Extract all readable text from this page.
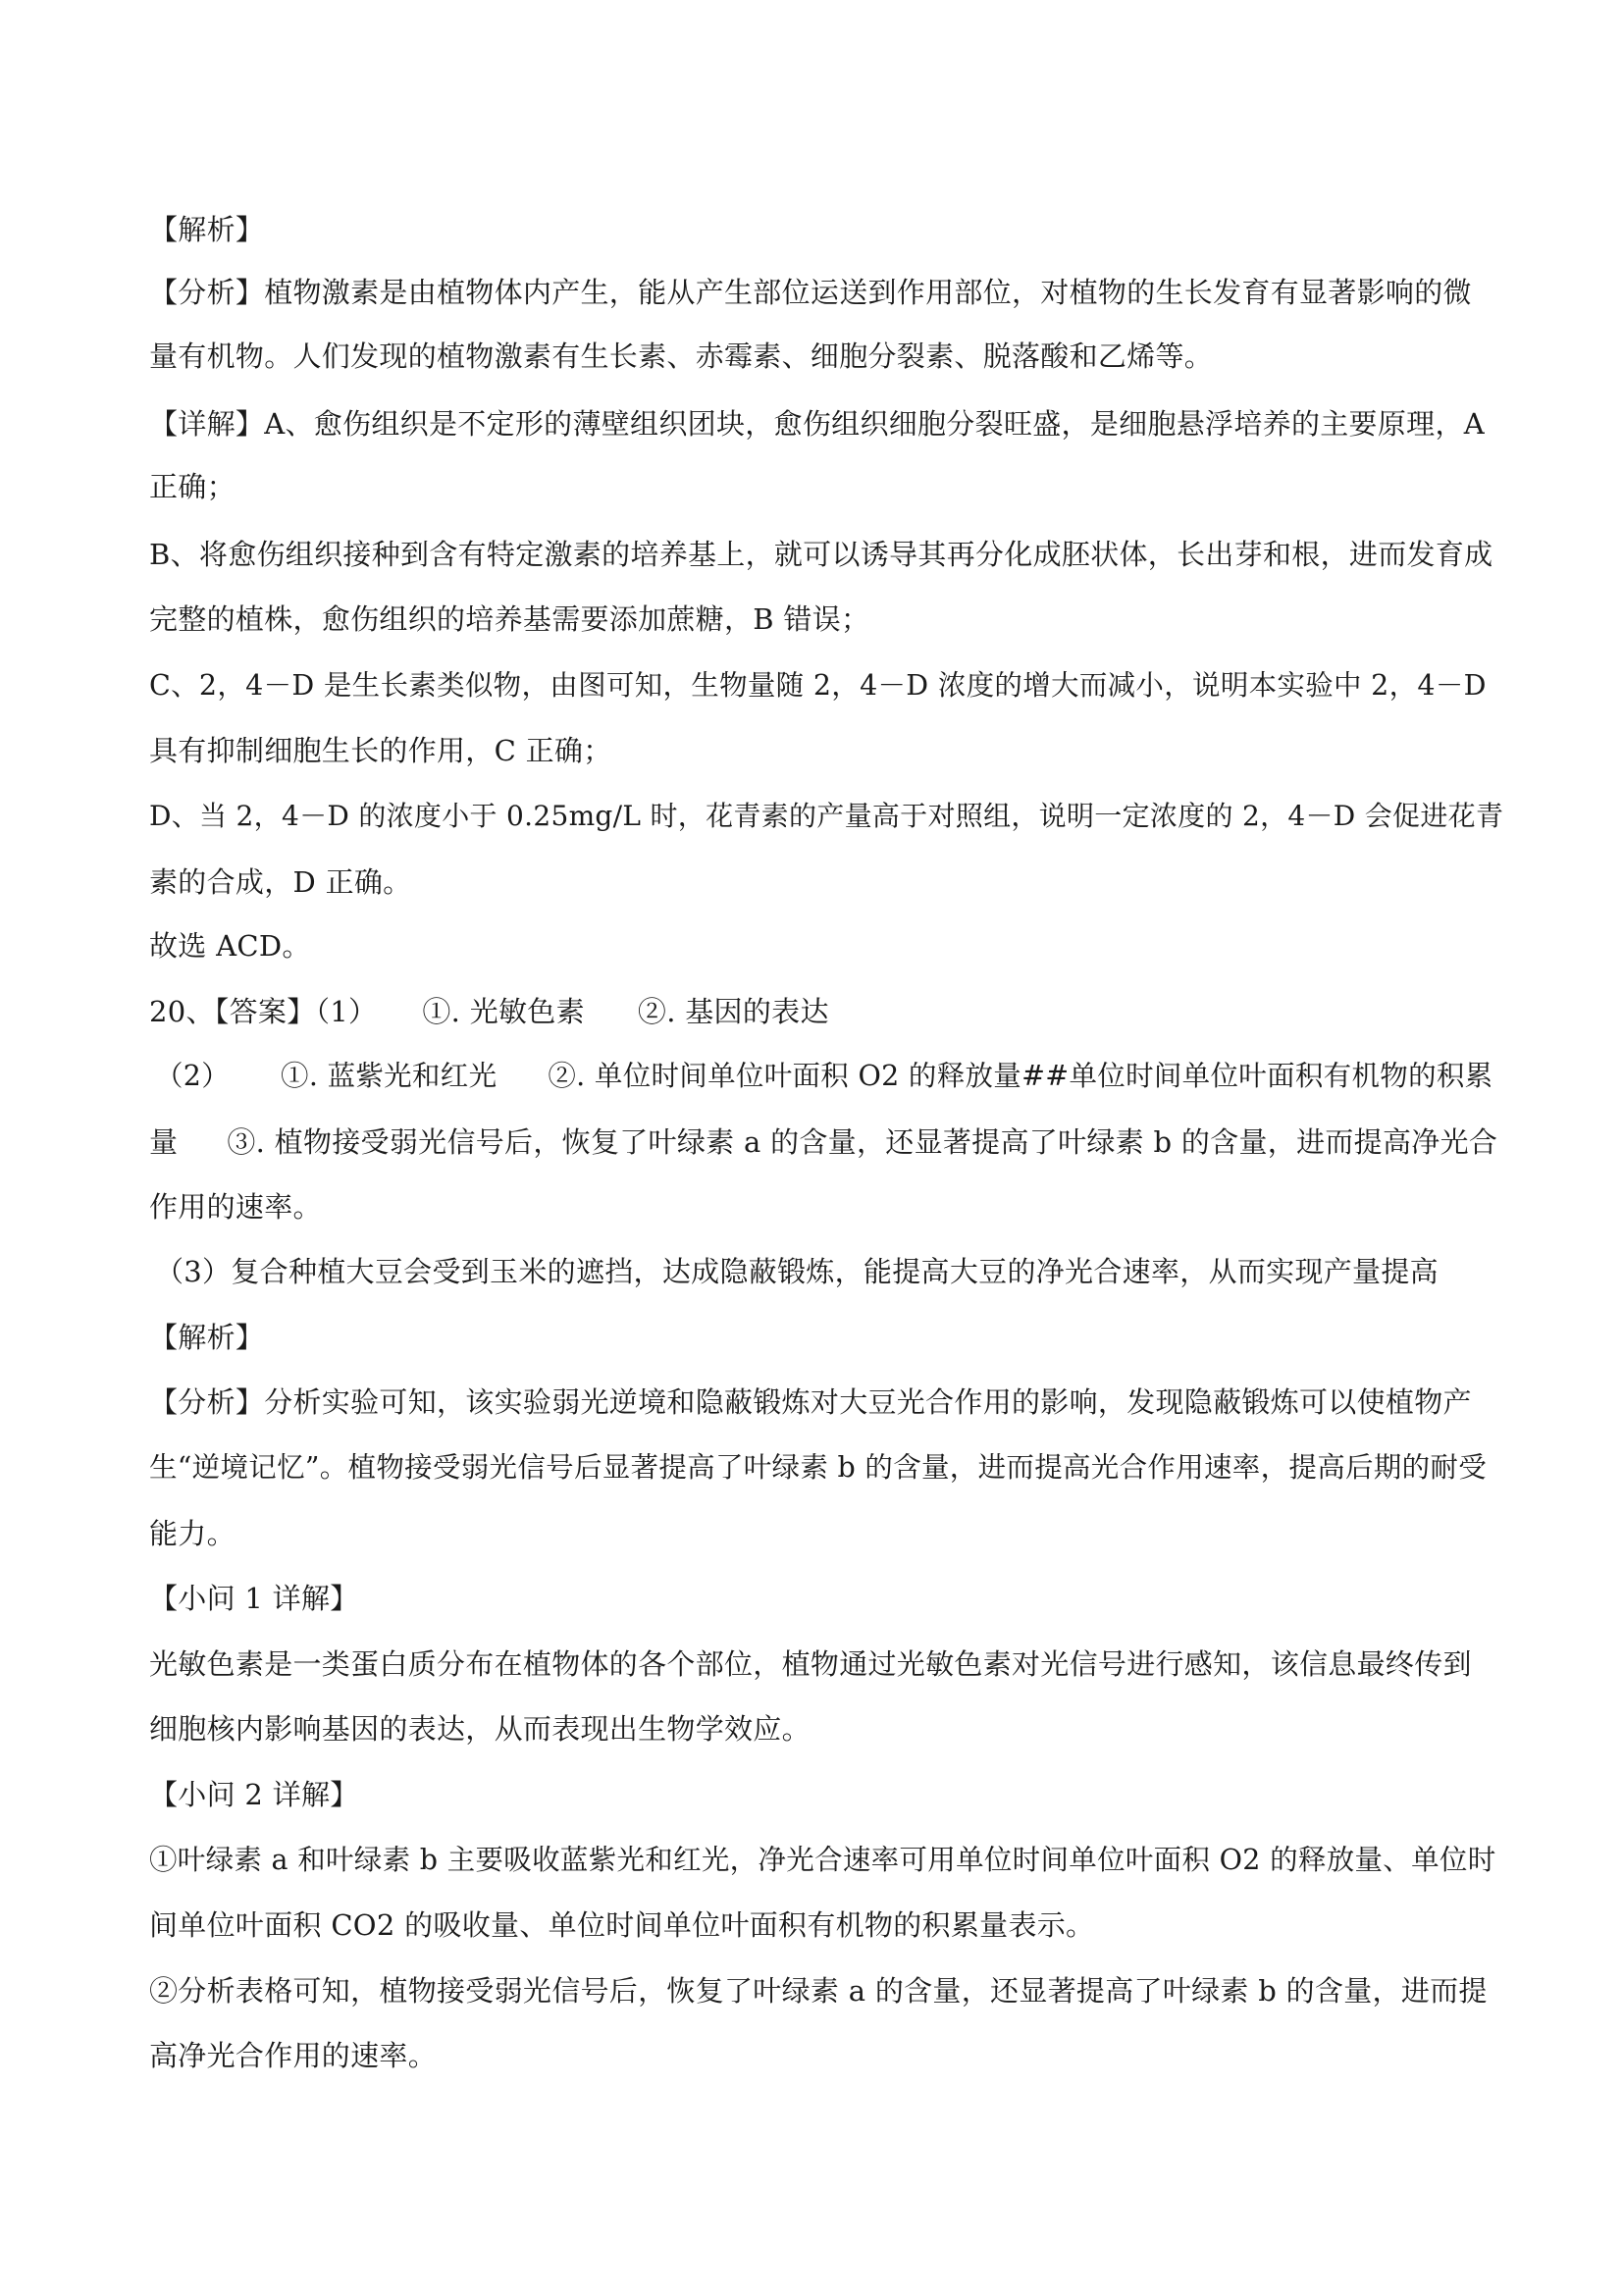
【解析】
【分析】植物激素是由植物体内产生，能从产生部位运送到作用部位，对植物的生长发育有显著影响的微
量有机物。人们发现的植物激素有生长素、赤霉素、细胞分裂素、脱落酸和乙烯等。
【详解】A、愈伤组织是不定形的薄壁组织团块，愈伤组织细胞分裂旺盛，是细胞悬浮培养的主要原理，A
正确；
B、将愈伤组织接种到含有特定激素的培养基上，就可以诱导其再分化成胚状体，长出芽和根，进而发育成
完整的植株，愈伤组织的培养基需要添加蔗糖，B 错误；
C、2，4－D 是生长素类似物，由图可知，生物量随 2，4－D 浓度的增大而减小，说明本实验中 2，4－D
具有抑制细胞生长的作用，C 正确；
D、当 2，4－D 的浓度小于 0.25mg/L 时，花青素的产量高于对照组，说明一定浓度的 2，4－D 会促进花青
素的合成，D 正确。
故选 ACD。
20、【答案】（1） ①. 光敏色素 ②. 基因的表达
（2） ①. 蓝紫光和红光 ②. 单位时间单位叶面积 O2 的释放量##单位时间单位叶面积有机物的积累
量 ③. 植物接受弱光信号后，恢复了叶绿素 a 的含量，还显著提高了叶绿素 b 的含量，进而提高净光合
作用的速率。
（3）复合种植大豆会受到玉米的遮挡，达成隐蔽锻炼，能提高大豆的净光合速率，从而实现产量提高
【解析】
【分析】分析实验可知，该实验弱光逆境和隐蔽锻炼对大豆光合作用的影响，发现隐蔽锻炼可以使植物产
生“逆境记忆”。植物接受弱光信号后显著提高了叶绿素 b 的含量，进而提高光合作用速率，提高后期的耐受
能力。
【小问 1 详解】
光敏色素是一类蛋白质分布在植物体的各个部位，植物通过光敏色素对光信号进行感知，该信息最终传到
细胞核内影响基因的表达，从而表现出生物学效应。
【小问 2 详解】
①叶绿素 a 和叶绿素 b 主要吸收蓝紫光和红光，净光合速率可用单位时间单位叶面积 O2 的释放量、单位时
间单位叶面积 CO2 的吸收量、单位时间单位叶面积有机物的积累量表示。
②分析表格可知，植物接受弱光信号后，恢复了叶绿素 a 的含量，还显著提高了叶绿素 b 的含量，进而提
高净光合作用的速率。
